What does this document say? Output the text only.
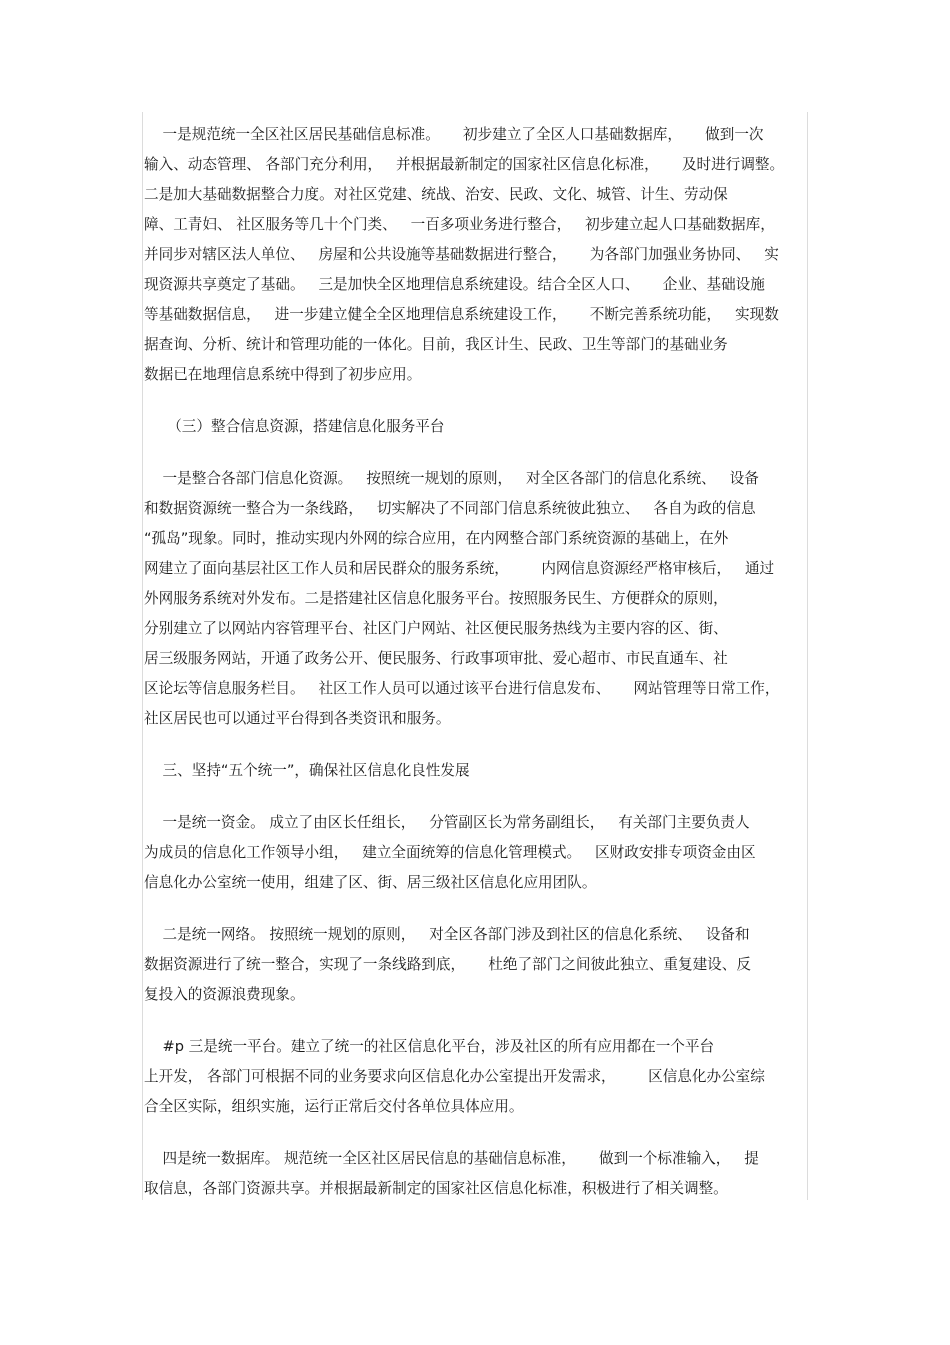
一是规范统一全区社区居民基础信息标准。     初步建立了全区人口基础数据库，     做到一次
输入、动态管理、 各部门充分利用，   并根据最新制定的国家社区信息化标准，     及时进行调整。
二是加大基础数据整合力度。对社区党建、统战、治安、民政、文化、城管、计生、劳动保
障、工青妇、 社区服务等几十个门类、   一百多项业务进行整合，   初步建立起人口基础数据库，
并同步对辖区法人单位、   房屋和公共设施等基础数据进行整合，     为各部门加强业务协同、   实
现资源共享奠定了基础。   三是加快全区地理信息系统建设。结合全区人口、     企业、基础设施
等基础数据信息，   进一步建立健全全区地理信息系统建设工作，     不断完善系统功能，   实现数
据查询、分析、统计和管理功能的一体化。目前，我区计生、民政、卫生等部门的基础业务
数据已在地理信息系统中得到了初步应用。
（三）整合信息资源，搭建信息化服务平台
一是整合各部门信息化资源。   按照统一规划的原则，   对全区各部门的信息化系统、   设备
和数据资源统一整合为一条线路，   切实解决了不同部门信息系统彼此独立、   各自为政的信息
“孤岛”现象。同时，推动实现内外网的综合应用，在内网整合部门系统资源的基础上，在外
网建立了面向基层社区工作人员和居民群众的服务系统，       内网信息资源经严格审核后，   通过
外网服务系统对外发布。二是搭建社区信息化服务平台。按照服务民生、方便群众的原则，
分别建立了以网站内容管理平台、社区门户网站、社区便民服务热线为主要内容的区、街、
居三级服务网站，开通了政务公开、便民服务、行政事项审批、爱心超市、市民直通车、社
区论坛等信息服务栏目。   社区工作人员可以通过该平台进行信息发布、     网站管理等日常工作，
社区居民也可以通过平台得到各类资讯和服务。
三、坚持“五个统一”，确保社区信息化良性发展
一是统一资金。 成立了由区长任组长，   分管副区长为常务副组长，   有关部门主要负责人
为成员的信息化工作领导小组，   建立全面统筹的信息化管理模式。   区财政安排专项资金由区
信息化办公室统一使用，组建了区、街、居三级社区信息化应用团队。
二是统一网络。 按照统一规划的原则，   对全区各部门涉及到社区的信息化系统、   设备和
数据资源进行了统一整合，实现了一条线路到底，     杜绝了部门之间彼此独立、重复建设、反
复投入的资源浪费现象。
#p 三是统一平台。建立了统一的社区信息化平台，涉及社区的所有应用都在一个平台
上开发， 各部门可根据不同的业务要求向区信息化办公室提出开发需求，       区信息化办公室综
合全区实际，组织实施，运行正常后交付各单位具体应用。
四是统一数据库。 规范统一全区社区居民信息的基础信息标准，     做到一个标准输入，   提
取信息，各部门资源共享。并根据最新制定的国家社区信息化标准，积极进行了相关调整。
